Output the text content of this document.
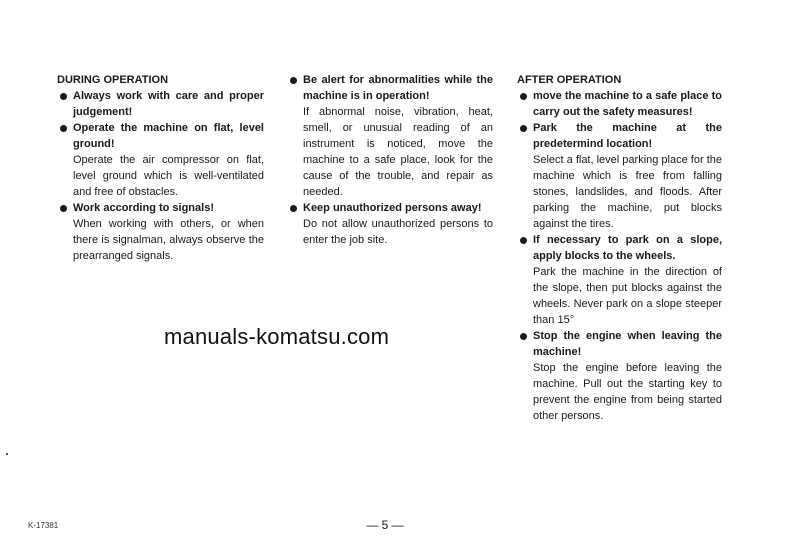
DURING OPERATION
Always work with care and proper judgement!
Operate the machine on flat, level ground!
Operate the air compressor on flat, level ground which is well-ventilated and free of obstacles.
Work according to signals!
When working with others, or when there is signalman, always observe the prearranged signals.
Be alert for abnormalities while the machine is in operation!
If abnormal noise, vibration, heat, smell, or unusual reading of an instrument is noticed, move the machine to a safe place, look for the cause of the trouble, and repair as needed.
Keep unauthorized persons away!
Do not allow unauthorized persons to enter the job site.
AFTER OPERATION
move the machine to a safe place to carry out the safety measures!
Park the machine at the predetermind location!
Select a flat, level parking place for the machine which is free from falling stones, landslides, and floods. After parking the machine, put blocks against the tires.
If necessary to park on a slope, apply blocks to the wheels.
Park the machine in the direction of the slope, then put blocks against the wheels. Never park on a slope steeper than 15°
Stop the engine when leaving the machine!
Stop the engine before leaving the machine. Pull out the starting key to prevent the engine from being started other persons.
manuals-komatsu.com
— 5 —
K-17381
